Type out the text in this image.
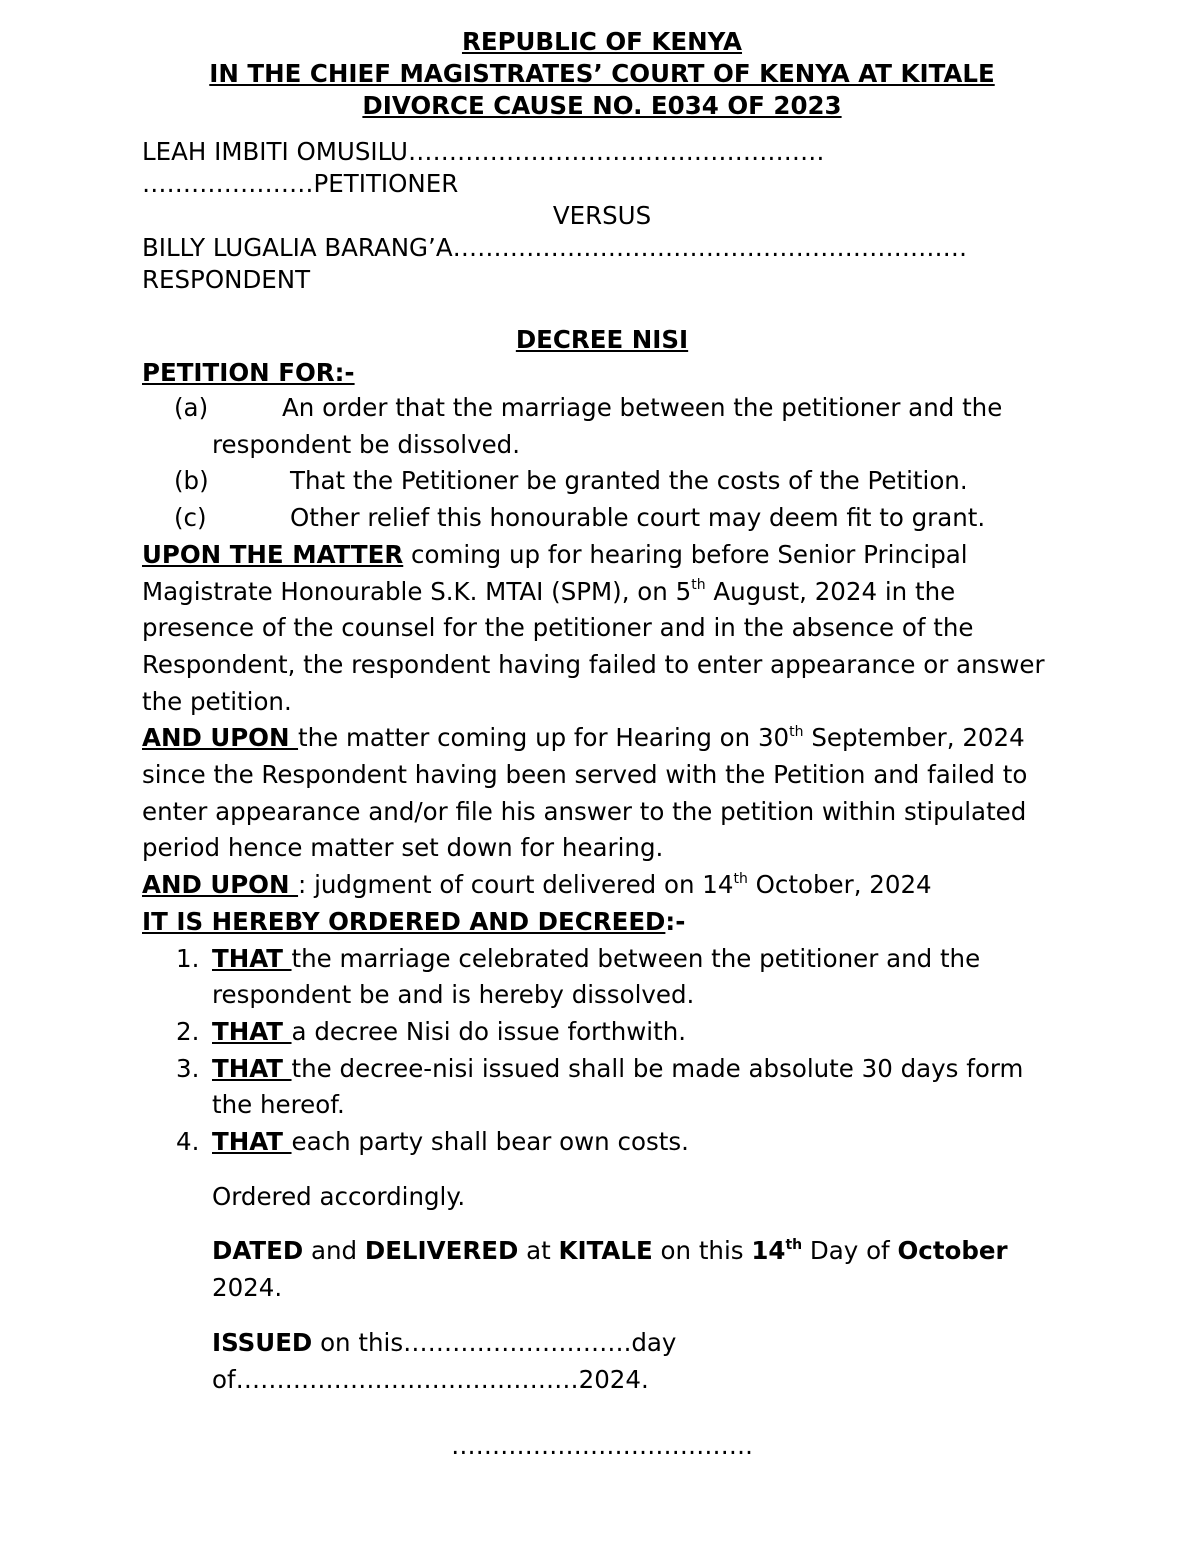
REPUBLIC OF KENYA
IN THE CHIEF MAGISTRATES’ COURT OF KENYA AT KITALE
DIVORCE CAUSE NO. E034 OF 2023
LEAH IMBITI OMUSILU……………………………………………
…………………PETITIONER
VERSUS
BILLY LUGALIA BARANG’A………………………………………………………
RESPONDENT
DECREE NISI
PETITION FOR:-
(a)	An order that the marriage between the petitioner and the respondent be dissolved.
(b)	That the Petitioner be granted the costs of the Petition.
(c)	Other relief this honourable court may deem fit to grant.
UPON THE MATTER coming up for hearing before Senior Principal Magistrate Honourable S.K. MTAI (SPM), on 5th August, 2024 in the presence of the counsel for the petitioner and in the absence of the Respondent, the respondent having failed to enter appearance or answer the petition.
AND UPON the matter coming up for Hearing on 30th September, 2024 since the Respondent having been served with the Petition and failed to enter appearance and/or file his answer to the petition within stipulated period hence matter set down for hearing.
AND UPON : judgment of court delivered on 14th October, 2024
IT IS HEREBY ORDERED AND DECREED:-
1. THAT the marriage celebrated between the petitioner and the respondent be and is hereby dissolved.
2. THAT a decree Nisi do issue forthwith.
3. THAT the decree-nisi issued shall be made absolute 30 days form the hereof.
4. THAT each party shall bear own costs.
Ordered accordingly.
DATED and DELIVERED at KITALE on this 14th Day of October 2024.
ISSUED on this……………………….day
of……………………………………2024.
……………………………….
